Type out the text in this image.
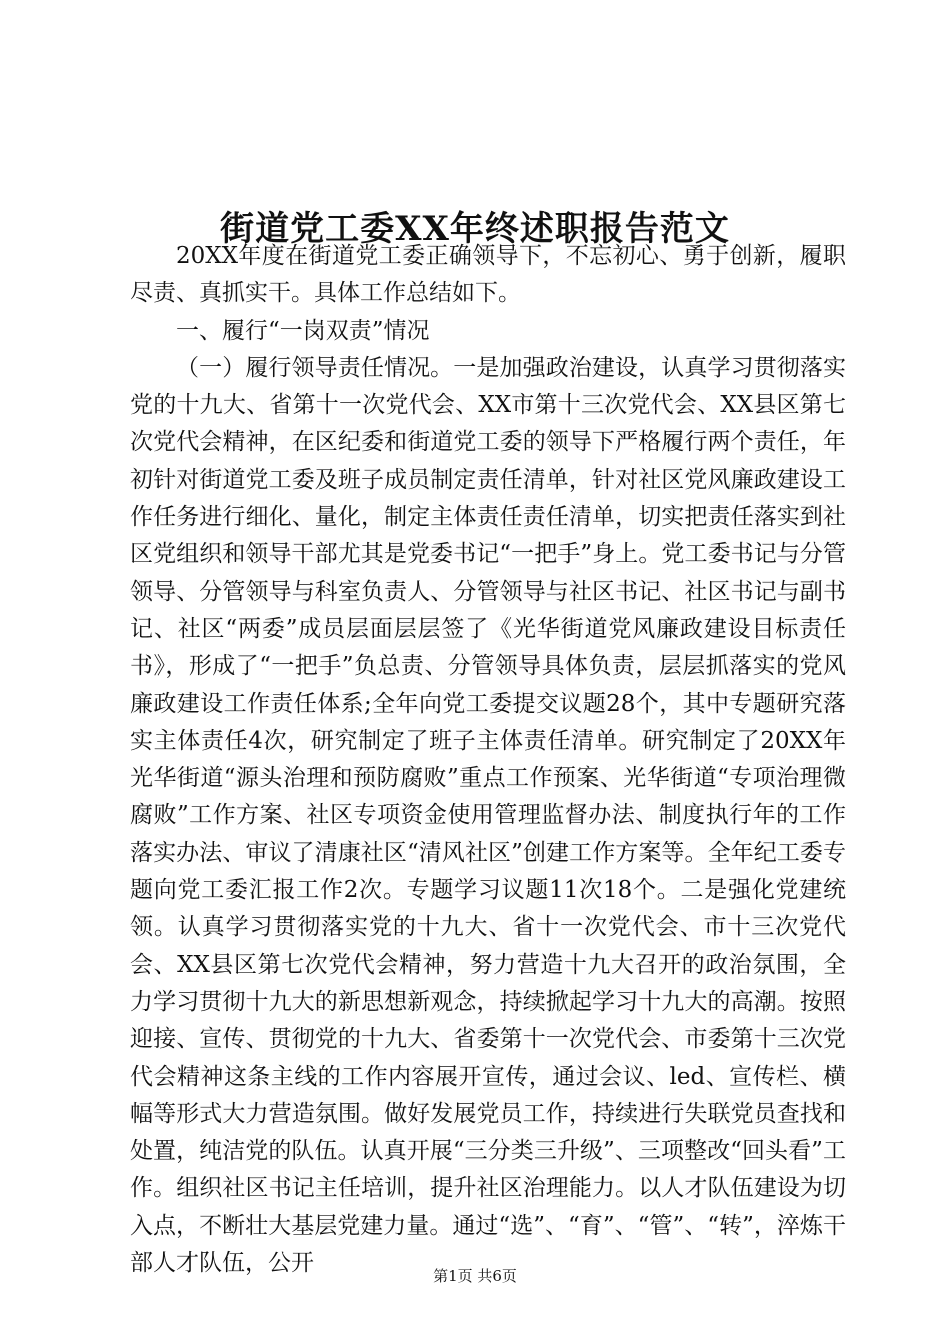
街道党工委XX年终述职报告范文

20XX年度在街道党工委正确领导下，不忘初心、勇于创新，履职尽责、真抓实干。具体工作总结如下。

一、履行“一岗双责”情况

（一）履行领导责任情况。一是加强政治建设，认真学习贯彻落实党的十九大、省第十一次党代会、XX市第十三次党代会、XX县区第七次党代会精神，在区纪委和街道党工委的领导下严格履行两个责任，年初针对街道党工委及班子成员制定责任清单，针对社区党风廉政建设工作任务进行细化、量化，制定主体责任责任清单，切实把责任落实到社区党组织和领导干部尤其是党委书记“一把手”身上。党工委书记与分管领导、分管领导与科室负责人、分管领导与社区书记、社区书记与副书记、社区“两委”成员层面层层签了《光华街道党风廉政建设目标责任书》，形成了“一把手”负总责、分管领导具体负责，层层抓落实的党风廉政建设工作责任体系;全年向党工委提交议题28个，其中专题研究落实主体责任4次，研究制定了班子主体责任清单。研究制定了20XX年光华街道“源头治理和预防腐败”重点工作预案、光华街道“专项治理微腐败”工作方案、社区专项资金使用管理监督办法、制度执行年的工作落实办法、审议了清康社区“清风社区”创建工作方案等。全年纪工委专题向党工委汇报工作2次。专题学习议题11次18个。二是强化党建统领。认真学习贯彻落实党的十九大、省十一次党代会、市十三次党代会、XX县区第七次党代会精神，努力营造十九大召开的政治氛围，全力学习贯彻十九大的新思想新观念，持续掀起学习十九大的高潮。按照迎接、宣传、贯彻党的十九大、省委第十一次党代会、市委第十三次党代会精神这条主线的工作内容展开宣传，通过会议、led、宣传栏、横幅等形式大力营造氛围。做好发展党员工作，持续进行失联党员查找和处置，纯洁党的队伍。认真开展“三分类三升级”、三项整改“回头看”工作。组织社区书记主任培训，提升社区治理能力。以人才队伍建设为切入点，不断壮大基层党建力量。通过“选”、“育”、“管”、“转”，淬炼干部人才队伍，公开	第1页 共6页
